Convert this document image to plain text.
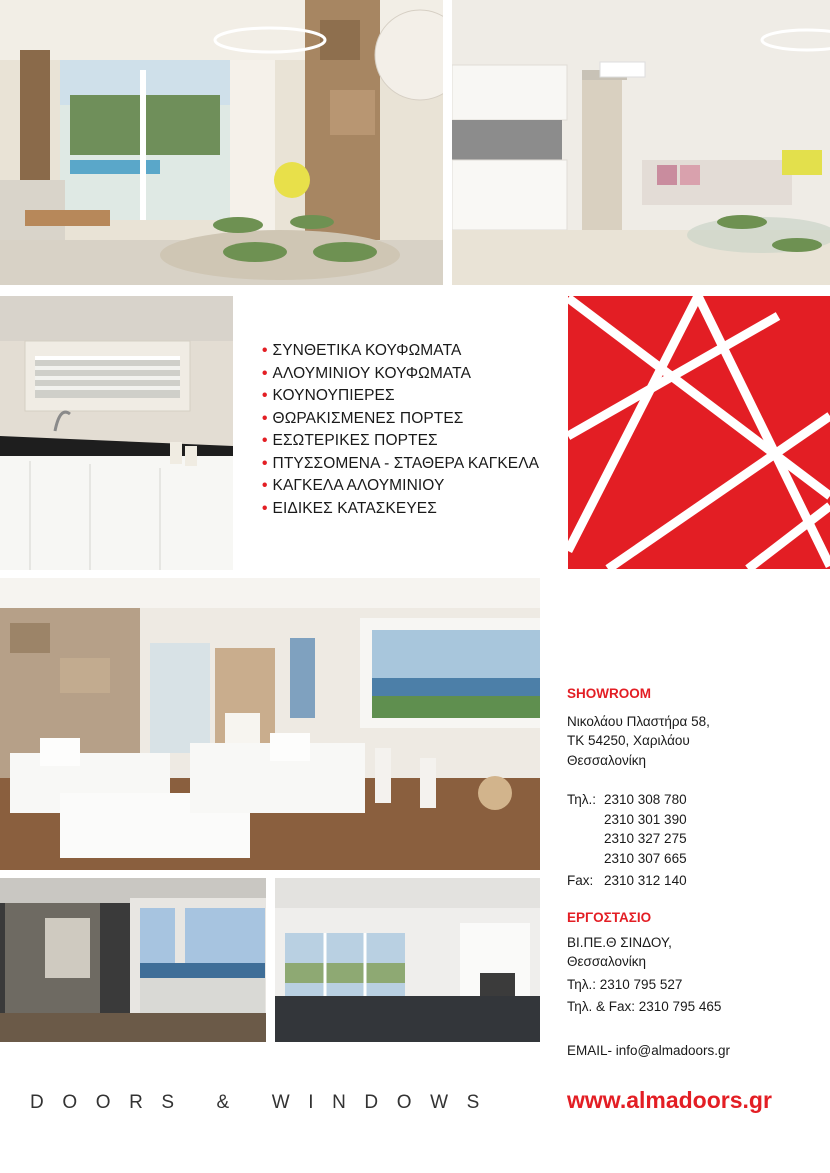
• ΣΥΝΘΕΤΙΚΑ ΚΟΥΦΩΜΑΤΑ
• ΑΛΟΥΜΙΝΙΟΥ ΚΟΥΦΩΜΑΤΑ
• ΚΟΥΝΟΥΠΙΕΡΕΣ
• ΘΩΡΑΚΙΣΜΕΝΕΣ ΠΟΡΤΕΣ
• ΕΣΩΤΕΡΙΚΕΣ ΠΟΡΤΕΣ
• ΠΤΥΣΣΟΜΕΝΑ - ΣΤΑΘΕΡΑ ΚΑΓΚΕΛΑ
• ΚΑΓΚΕΛΑ ΑΛΟΥΜΙΝΙΟΥ
• ΕΙΔΙΚΕΣ ΚΑΤΑΣΚΕΥΕΣ
SHOWROOM
Νικολάου Πλαστήρα 58,
ΤΚ 54250, Χαριλάου
Θεσσαλονίκη
Τηλ.: 2310 308 780
2310 301 390
2310 327 275
2310 307 665
Fax: 2310 312 140
ΕΡΓΟΣΤΑΣΙΟ
ΒΙ.ΠΕ.Θ ΣΙΝΔΟΥ,
Θεσσαλονίκη
Τηλ.: 2310 795 527
Τηλ. & Fax: 2310 795 465
EMAIL- info@almadoors.gr
DOORS & WINDOWS	www.almadoors.gr
